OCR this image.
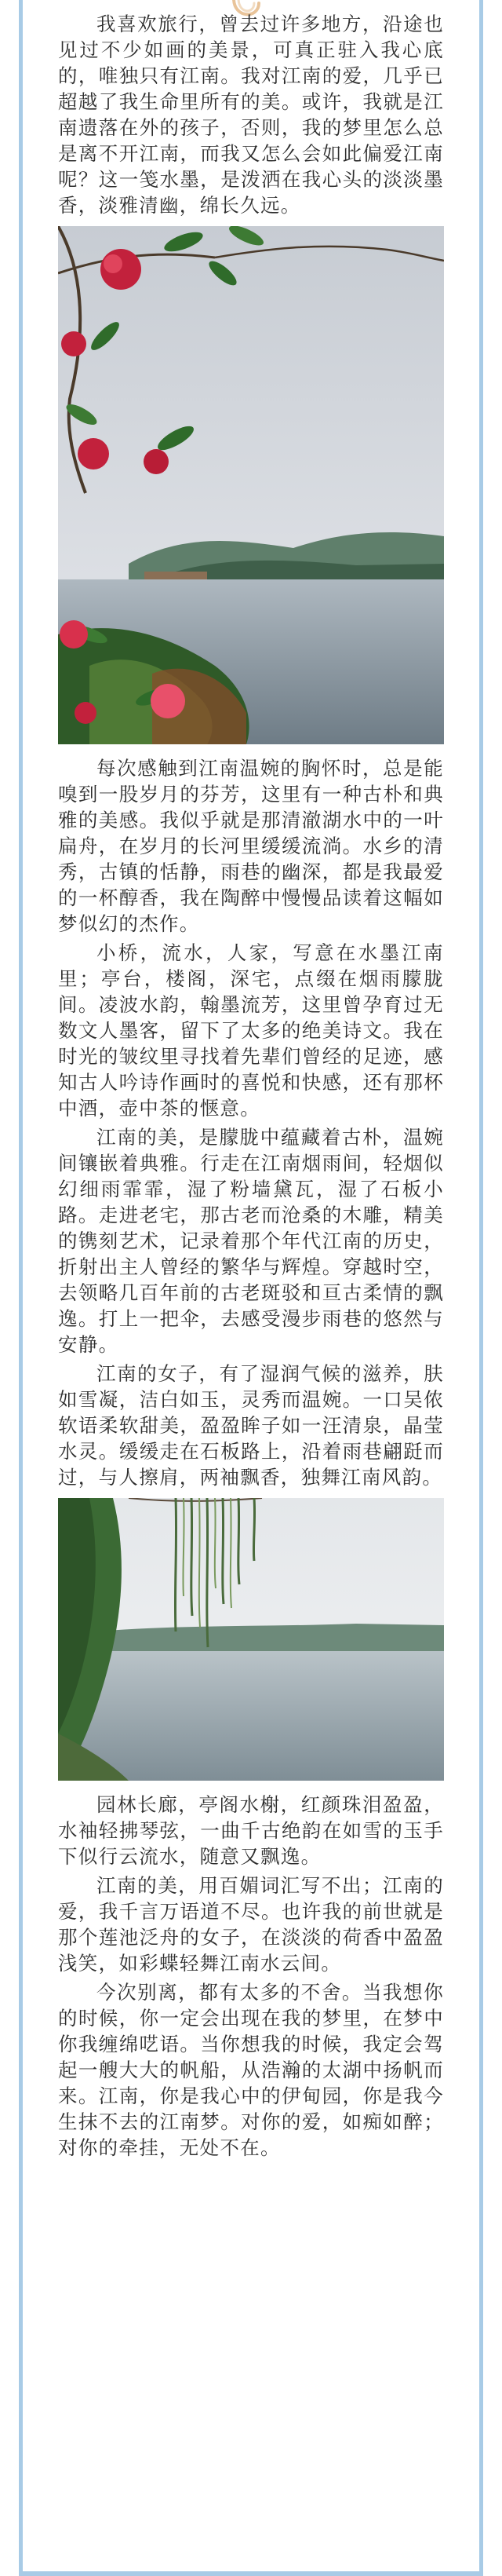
我喜欢旅行，曾去过许多地方，沿途也见过不少如画的美景，可真正驻入我心底的，唯独只有江南。我对江南的爱，几乎已超越了我生命里所有的美。或许，我就是江南遗落在外的孩子，否则，我的梦里怎么总是离不开江南，而我又怎么会如此偏爱江南呢？这一笺水墨，是泼洒在我心头的淡淡墨香，淡雅清幽，绵长久远。

每次感触到江南温婉的胸怀时，总是能嗅到一股岁月的芬芳，这里有一种古朴和典雅的美感。我似乎就是那清澈湖水中的一叶扁舟，在岁月的长河里缓缓流淌。水乡的清秀，古镇的恬静，雨巷的幽深，都是我最爱的一杯醇香，我在陶醉中慢慢品读着这幅如梦似幻的杰作。

小桥，流水，人家，写意在水墨江南里；亭台，楼阁，深宅，点缀在烟雨朦胧间。凌波水韵，翰墨流芳，这里曾孕育过无数文人墨客，留下了太多的绝美诗文。我在时光的皱纹里寻找着先辈们曾经的足迹，感知古人吟诗作画时的喜悦和快感，还有那杯中酒，壶中茶的惬意。

江南的美，是朦胧中蕴藏着古朴，温婉间镶嵌着典雅。行走在江南烟雨间，轻烟似幻细雨霏霏，湿了粉墙黛瓦，湿了石板小路。走进老宅，那古老而沧桑的木雕，精美的镌刻艺术，记录着那个年代江南的历史，折射出主人曾经的繁华与辉煌。穿越时空，去领略几百年前的古老斑驳和亘古柔情的飘逸。打上一把伞，去感受漫步雨巷的悠然与安静。

江南的女子，有了湿润气候的滋养，肤如雪凝，洁白如玉，灵秀而温婉。一口吴侬软语柔软甜美，盈盈眸子如一汪清泉，晶莹水灵。缓缓走在石板路上，沿着雨巷翩跹而过，与人擦肩，两袖飘香，独舞江南风韵。

园林长廊，亭阁水榭，红颜珠泪盈盈，水袖轻拂琴弦，一曲千古绝韵在如雪的玉手下似行云流水，随意又飘逸。

江南的美，用百媚词汇写不出；江南的爱，我千言万语道不尽。也许我的前世就是那个莲池泛舟的女子，在淡淡的荷香中盈盈浅笑，如彩蝶轻舞江南水云间。

今次别离，都有太多的不舍。当我想你的时候，你一定会出现在我的梦里，在梦中你我缠绵呓语。当你想我的时候，我定会驾起一艘大大的帆船，从浩瀚的太湖中扬帆而来。江南，你是我心中的伊甸园，你是我今生抹不去的江南梦。对你的爱，如痴如醉；对你的牵挂，无处不在。
